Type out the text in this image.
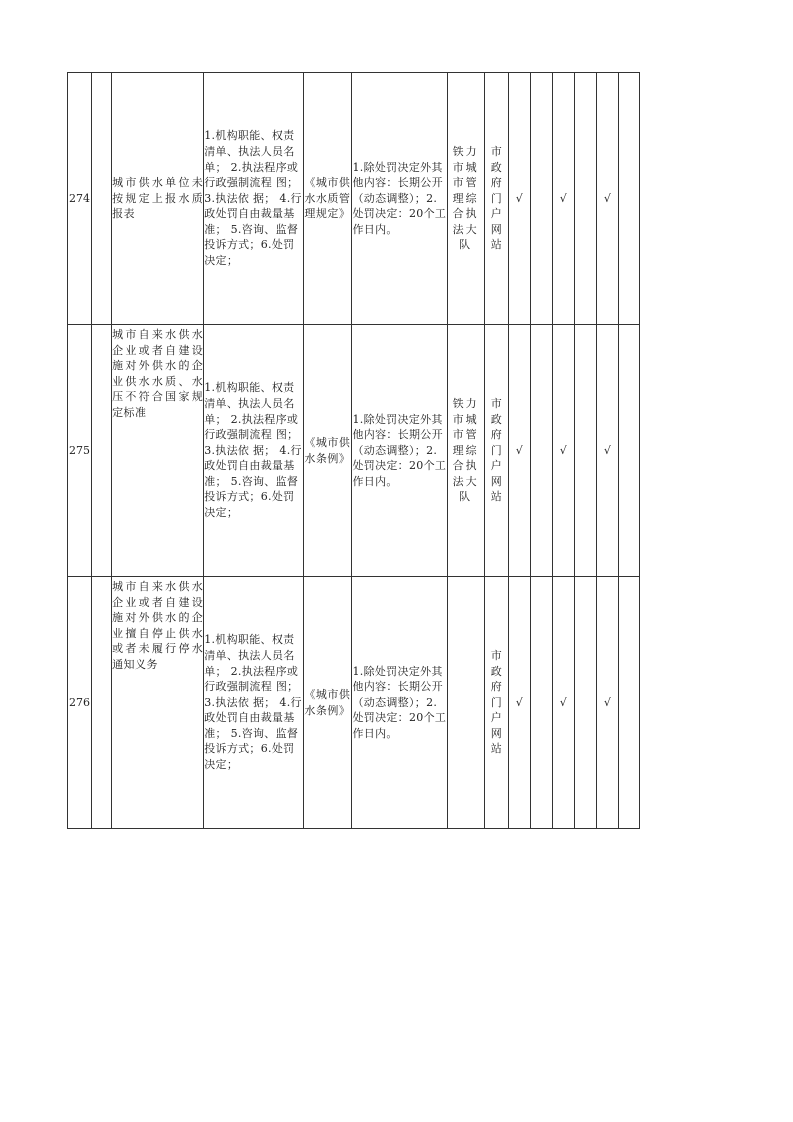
274		城市供水单位未按规定上报水质报表	1.机构职能、权责清单、执法人员名单； 2.执法程序或行政强制流程 图； 3.执法依 据； 4.行政处罚自由裁量基准； 5.咨询、监督投诉方式；6.处罚决定；	《城市供水水质管理规定》	1.除处罚决定外其他内容：长期公开（动态调整）；2.处罚决定：20个工作日内。	铁力市城市管理综合执法大队	市政府门户网站	√		√		√	
275		城市自来水供水企业或者自建设施对外供水的企业供水水质、水压不符合国家规定标准	1.机构职能、权责清单、执法人员名单； 2.执法程序或行政强制流程 图； 3.执法依 据； 4.行政处罚自由裁量基准； 5.咨询、监督投诉方式；6.处罚决定；	《城市供水条例》	1.除处罚决定外其他内容：长期公开（动态调整）；2.处罚决定：20个工作日内。	铁力市城市管理综合执法大队	市政府门户网站	√		√		√	
276		城市自来水供水企业或者自建设施对外供水的企业擅自停止供水或者未履行停水通知义务	1.机构职能、权责清单、执法人员名单； 2.执法程序或行政强制流程 图； 3.执法依 据； 4.行政处罚自由裁量基准； 5.咨询、监督投诉方式；6.处罚决定；	《城市供水条例》	1.除处罚决定外其他内容：长期公开（动态调整）；2.处罚决定：20个工作日内。		市政府门户网站	√		√		√	
